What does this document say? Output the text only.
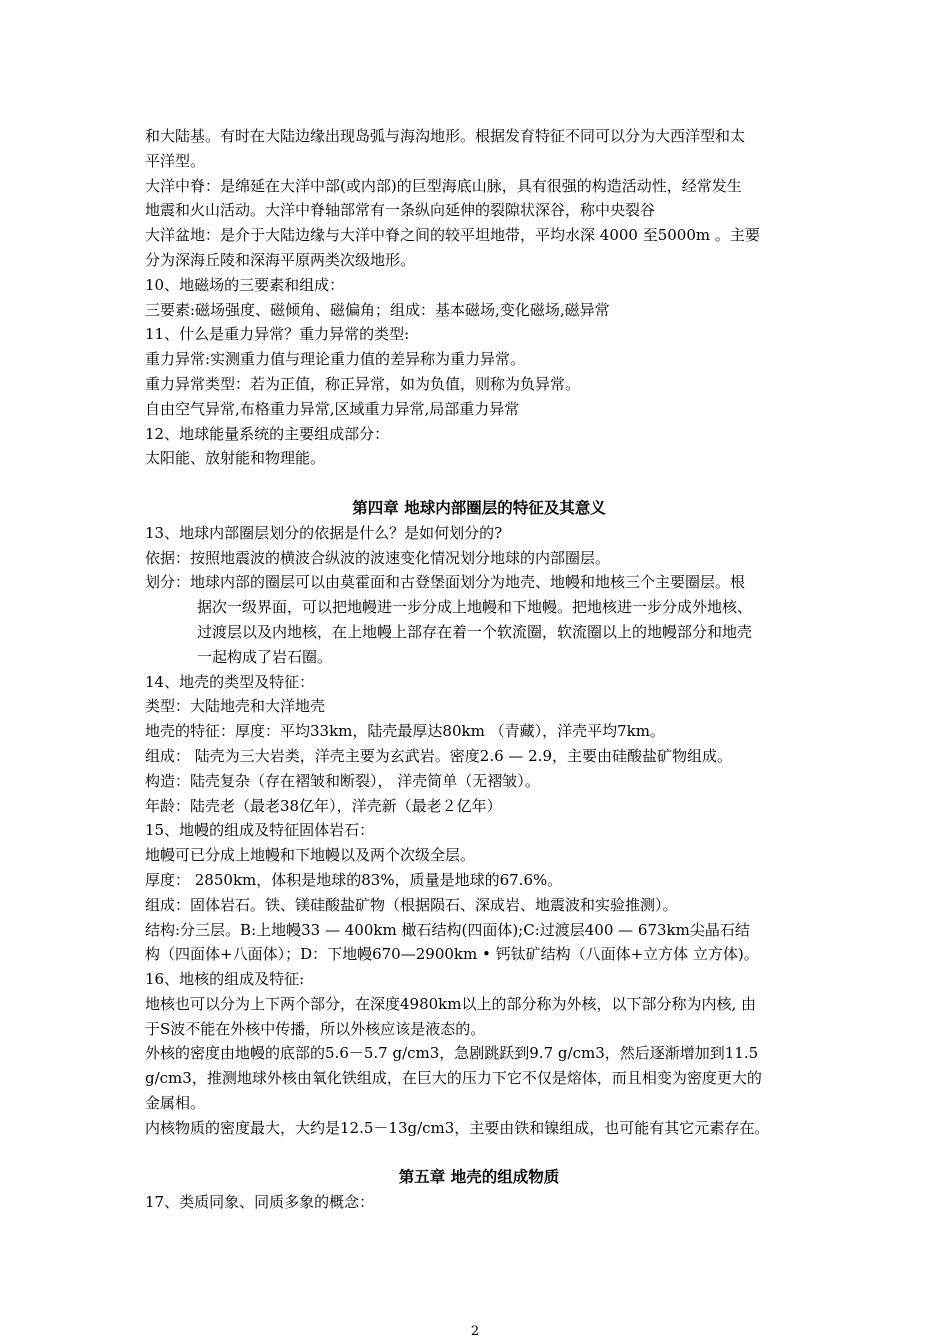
和大陆基。有时在大陆边缘出现岛弧与海沟地形。根据发育特征不同可以分为大西洋型和太
平洋型。
大洋中脊：是绵延在大洋中部(或内部)的巨型海底山脉，具有很强的构造活动性，经常发生
地震和火山活动。大洋中脊轴部常有一条纵向延伸的裂隙状深谷，称中央裂谷
大洋盆地：是介于大陆边缘与大洋中脊之间的较平坦地带，平均水深 4000 至5000m 。主要
分为深海丘陵和深海平原两类次级地形。
10、地磁场的三要素和组成：
三要素:磁场强度、磁倾角、磁偏角；组成：基本磁场,变化磁场,磁异常
11、什么是重力异常？重力异常的类型:
重力异常:实测重力值与理论重力值的差异称为重力异常。
重力异常类型：若为正值，称正异常，如为负值，则称为负异常。
自由空气异常,布格重力异常,区域重力异常,局部重力异常
12、地球能量系统的主要组成部分：
太阳能、放射能和物理能。
第四章 地球内部圈层的特征及其意义
13、地球内部圈层划分的依据是什么？是如何划分的?
依据：按照地震波的横波合纵波的波速变化情况划分地球的内部圈层。
划分：地球内部的圈层可以由莫霍面和古登堡面划分为地壳、地幔和地核三个主要圈层。根
据次一级界面，可以把地幔进一步分成上地幔和下地幔。把地核进一步分成外地核、
过渡层以及内地核，在上地幔上部存在着一个软流圈，软流圈以上的地幔部分和地壳
一起构成了岩石圈。
14、地壳的类型及特征：
类型：大陆地壳和大洋地壳
地壳的特征：厚度：平均33km，陆壳最厚达80km （青藏），洋壳平均7km。
组成： 陆壳为三大岩类，洋壳主要为玄武岩。密度2.6 — 2.9，主要由硅酸盐矿物组成。
构造：陆壳复杂（存在褶皱和断裂）， 洋壳简单（无褶皱）。
年龄：陆壳老（最老38亿年），洋壳新（最老２亿年）
15、地幔的组成及特征固体岩石：
地幔可已分成上地幔和下地幔以及两个次级全层。
厚度： 2850km，体积是地球的83%，质量是地球的67.6%。
组成：固体岩石。铁、镁硅酸盐矿物（根据陨石、深成岩、地震波和实验推测）。
结构:分三层。B:上地幔33 — 400km 橄石结构(四面体);C:过渡层400 — 673km尖晶石结
构（四面体+八面体）；D：下地幔670—2900km • 钙钛矿结构（八面体+立方体 立方体)。
16、地核的组成及特征:
地核也可以分为上下两个部分，在深度4980km以上的部分称为外核，以下部分称为内核, 由
于S波不能在外核中传播，所以外核应该是液态的。
外核的密度由地幔的底部的5.6－5.7 g/cm3，急剧跳跃到9.7 g/cm3，然后逐渐增加到11.5
g/cm3，推测地球外核由氧化铁组成，在巨大的压力下它不仅是熔体，而且相变为密度更大的
金属相。
内核物质的密度最大，大约是12.5－13g/cm3，主要由铁和镍组成，也可能有其它元素存在。
第五章 地壳的组成物质
17、类质同象、同质多象的概念：
2
